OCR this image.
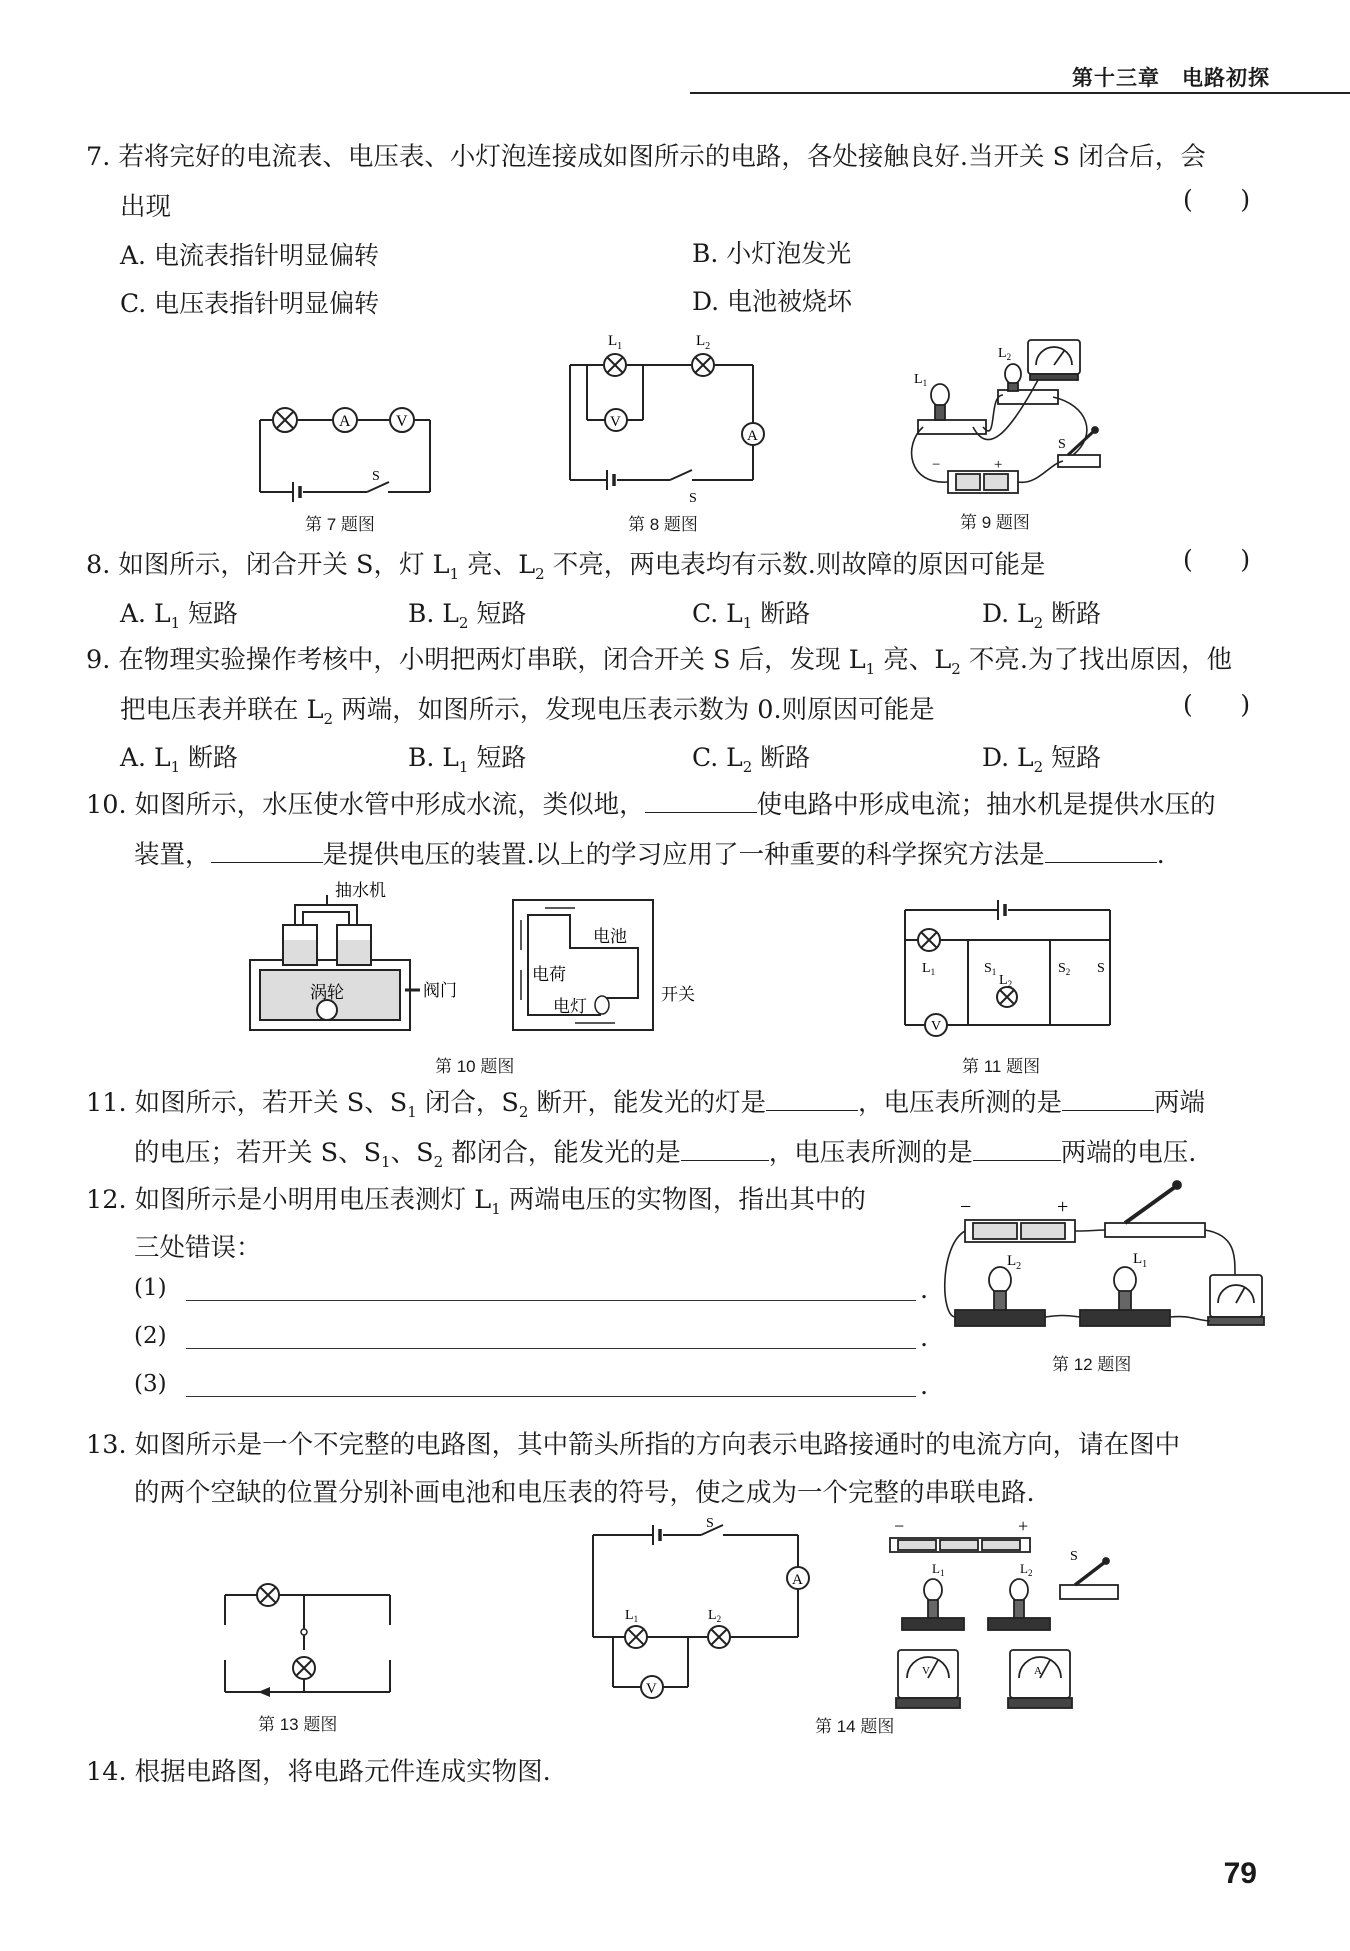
第十三章 电路初探
7. 若将完好的电流表、电压表、小灯泡连接成如图所示的电路，各处接触良好.当开关 S 闭合后，会
出现	(      )
A. 电流表指针明显偏转	B. 小灯泡发光
C. 电压表指针明显偏转	D. 电池被烧坏
A	V
S
第 7 题图
$L_1$	$L_2$
V
A
S
第 8 题图
$L_1$
$L_2$
−	+
S
第 9 题图
8. 如图所示，闭合开关 S，灯 $L_1$ 亮、$L_2$ 不亮，两电表均有示数.则故障的原因可能是	(      )
A. $L_1$ 短路	B. $L_2$ 短路	C. $L_1$ 断路	D. $L_2$ 断路
9. 在物理实验操作考核中，小明把两灯串联，闭合开关 S 后，发现 $L_1$ 亮、$L_2$ 不亮.为了找出原因，他
把电压表并联在 $L_2$ 两端，如图所示，发现电压表示数为 0.则原因可能是	(      )
A. $L_1$ 断路	B. $L_1$ 短路	C. $L_2$ 断路	D. $L_2$ 短路
10. 如图所示，水压使水管中形成水流，类似地，	使电路中形成电流；抽水机是提供水压的
装置，	是提供电压的装置.以上的学习应用了一种重要的科学探究方法是	.
抽水机
涡轮	阀门
电池
电荷
电灯
开关
第 10 题图
$L_1$
$L_2$
$S_1$	$S_2$ S
V
第 11 题图
11. 如图所示，若开关 S、$S_1$ 闭合，$S_2$ 断开，能发光的灯是	，电压表所测的是	两端
的电压；若开关 S、$S_1$、$S_2$ 都闭合，能发光的是	，电压表所测的是	两端的电压.
12. 如图所示是小明用电压表测灯 $L_1$ 两端电压的实物图，指出其中的
三处错误：
(1)	.
(2)	.
(3)	.
−	+
$L_2$	$L_1$
第 12 题图
13. 如图所示是一个不完整的电路图，其中箭头所指的方向表示电路接通时的电流方向，请在图中
的两个空缺的位置分别补画电池和电压表的符号，使之成为一个完整的串联电路.
第 13 题图
S
A
V
$L_1$	$L_2$
−	+
S
$L_1$	$L_2$
V	A
第 14 题图
14. 根据电路图，将电路元件连成实物图.
79
